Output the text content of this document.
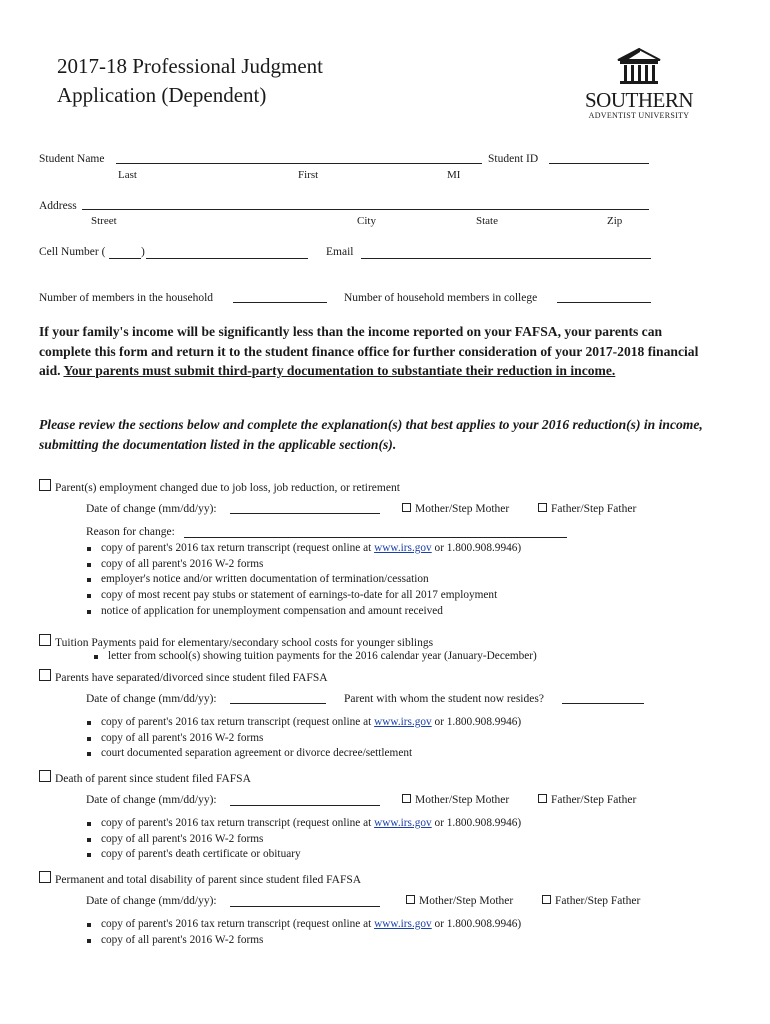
2017-18 Professional Judgment
Application (Dependent)	SOUTHERN
ADVENTIST UNIVERSITY
Student Name	Student ID
Last	First	MI
Address
Street	City	State	Zip
Cell Number (	)	Email
Number of members in the household	Number of household members in college
If your family's income will be significantly less than the income reported on your FAFSA, your parents can complete this form and return it to the student finance office for further consideration of your 2017-2018 financial aid. Your parents must submit third-party documentation to substantiate their reduction in income.
Please review the sections below and complete the explanation(s) that best applies to your 2016 reduction(s) in income, submitting the documentation listed in the applicable section(s).
Parent(s) employment changed due to job loss, job reduction, or retirement
Date of change (mm/dd/yy):	Mother/Step Mother	Father/Step Father
Reason for change:
copy of parent's 2016 tax return transcript (request online at www.irs.gov or 1.800.908.9946)
copy of all parent's 2016 W-2 forms
employer's notice and/or written documentation of termination/cessation
copy of most recent pay stubs or statement of earnings-to-date for all 2017 employment
notice of application for unemployment compensation and amount received
Tuition Payments paid for elementary/secondary school costs for younger siblings
letter from school(s) showing tuition payments for the 2016 calendar year (January-December)
Parents have separated/divorced since student filed FAFSA
Date of change (mm/dd/yy):	Parent with whom the student now resides?
copy of parent's 2016 tax return transcript (request online at www.irs.gov or 1.800.908.9946)
copy of all parent's 2016 W-2 forms
court documented separation agreement or divorce decree/settlement
Death of parent since student filed FAFSA
Date of change (mm/dd/yy):	Mother/Step Mother	Father/Step Father
copy of parent's 2016 tax return transcript (request online at www.irs.gov or 1.800.908.9946)
copy of all parent's 2016 W-2 forms
copy of parent's death certificate or obituary
Permanent and total disability of parent since student filed FAFSA
Date of change (mm/dd/yy):	Mother/Step Mother	Father/Step Father
copy of parent's 2016 tax return transcript (request online at www.irs.gov or 1.800.908.9946)
copy of all parent's 2016 W-2 forms
